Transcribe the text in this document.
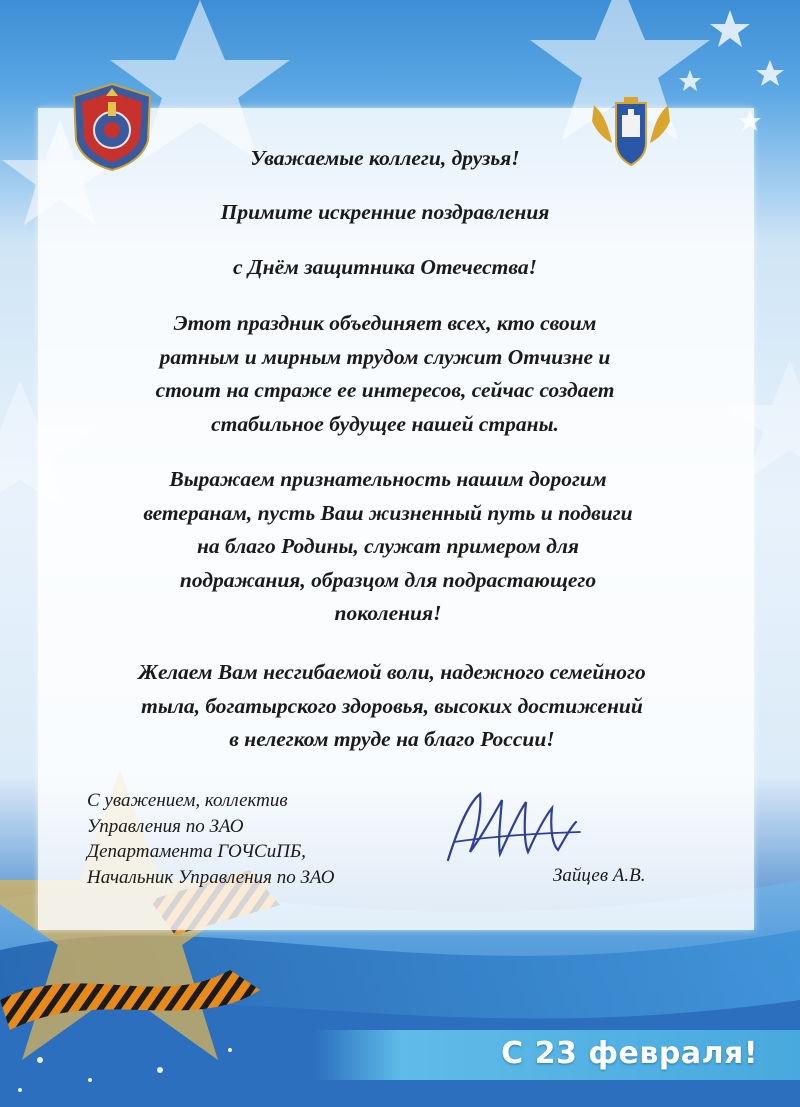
Уважаемые коллеги, друзья!

Примите искренние поздравления

с Днём защитника Отечества!

Этот праздник объединяет всех, кто своим

ратным и мирным трудом служит Отчизне и

стоит на страже ее интересов, сейчас создает

стабильное будущее нашей страны.

Выражаем признательность нашим дорогим

ветеранам, пусть Ваш жизненный путь и подвиги

на благо Родины, служат примером для

подражания, образцом для подрастающего

поколения!

Желаем Вам несгибаемой воли, надежного семейного

тыла, богатырского здоровья, высоких достижений

в нелегком труде на благо России!

С уважением, коллектив
Управления по ЗАО
Департамента ГОЧСиПБ,
Начальник Управления по ЗАО	Зайцев А.В.
С 23 февраля!
